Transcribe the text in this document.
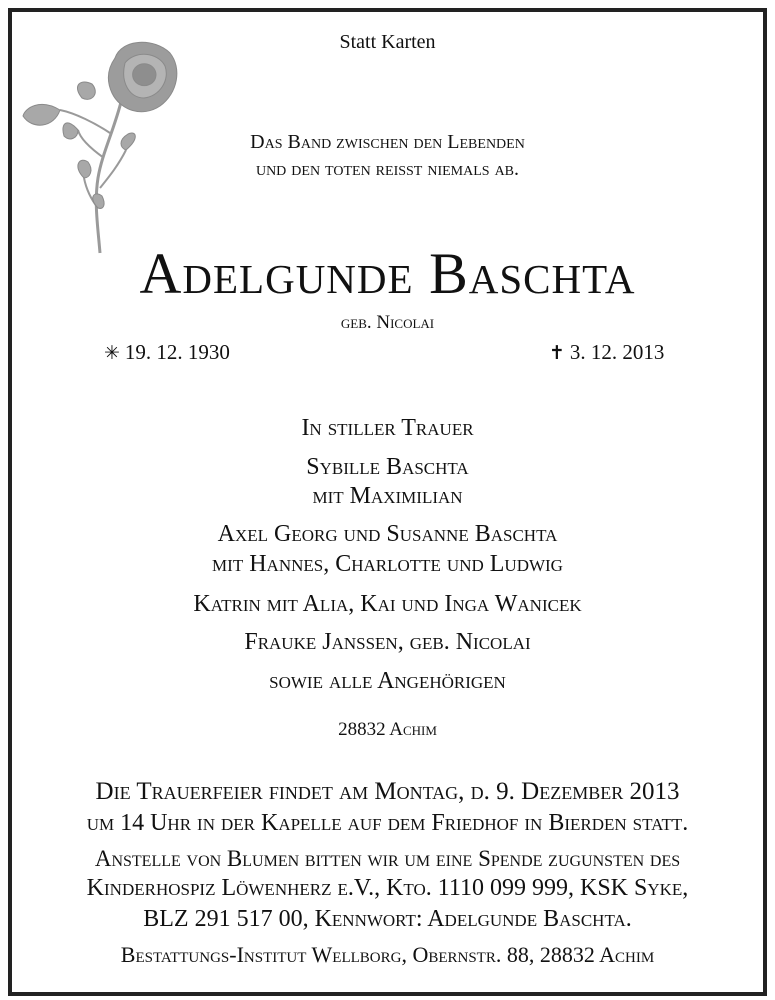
Statt Karten
Das Band zwischen den Lebenden
und den toten reisst niemals ab.
Adelgunde Baschta
geb. Nicolai
✳ 19. 12. 1930	✝ 3. 12. 2013
In stiller Trauer
Sybille Baschta
mit Maximilian
Axel Georg und Susanne Baschta
mit Hannes, Charlotte und Ludwig
Katrin mit Alia, Kai und Inga Wanicek
Frauke Janssen, geb. Nicolai
sowie alle Angehörigen
28832 Achim
Die Trauerfeier findet am Montag, d. 9. Dezember 2013
um 14 Uhr in der Kapelle auf dem Friedhof in Bierden statt.
Anstelle von Blumen bitten wir um eine Spende zugunsten des
Kinderhospiz Löwenherz e.V., Kto. 1110 099 999, KSK Syke,
BLZ 291 517 00, Kennwort: Adelgunde Baschta.
Bestattungs-Institut Wellborg, Obernstr. 88, 28832 Achim
